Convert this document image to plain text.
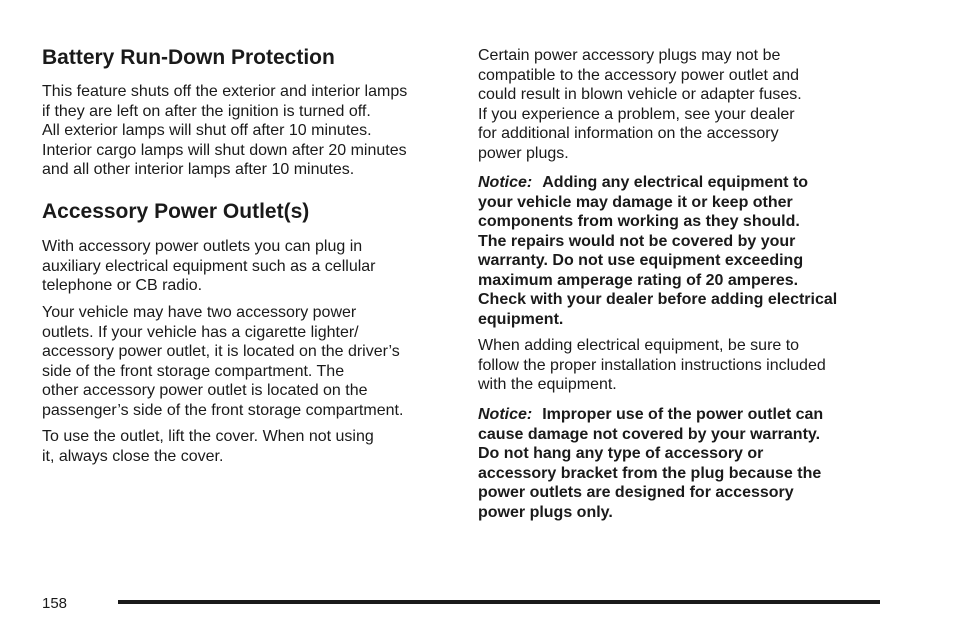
Battery Run-Down Protection

This feature shuts off the exterior and interior lamps
if they are left on after the ignition is turned off.
All exterior lamps will shut off after 10 minutes.
Interior cargo lamps will shut down after 20 minutes
and all other interior lamps after 10 minutes.

Accessory Power Outlet(s)

With accessory power outlets you can plug in
auxiliary electrical equipment such as a cellular
telephone or CB radio.

Your vehicle may have two accessory power
outlets. If your vehicle has a cigarette lighter/
accessory power outlet, it is located on the driver’s
side of the front storage compartment. The
other accessory power outlet is located on the
passenger’s side of the front storage compartment.

To use the outlet, lift the cover. When not using
it, always close the cover.

Certain power accessory plugs may not be
compatible to the accessory power outlet and
could result in blown vehicle or adapter fuses.
If you experience a problem, see your dealer
for additional information on the accessory
power plugs.

Notice: Adding any electrical equipment to
your vehicle may damage it or keep other
components from working as they should.
The repairs would not be covered by your
warranty. Do not use equipment exceeding
maximum amperage rating of 20 amperes.
Check with your dealer before adding electrical
equipment.

When adding electrical equipment, be sure to
follow the proper installation instructions included
with the equipment.

Notice: Improper use of the power outlet can
cause damage not covered by your warranty.
Do not hang any type of accessory or
accessory bracket from the plug because the
power outlets are designed for accessory
power plugs only.

158
